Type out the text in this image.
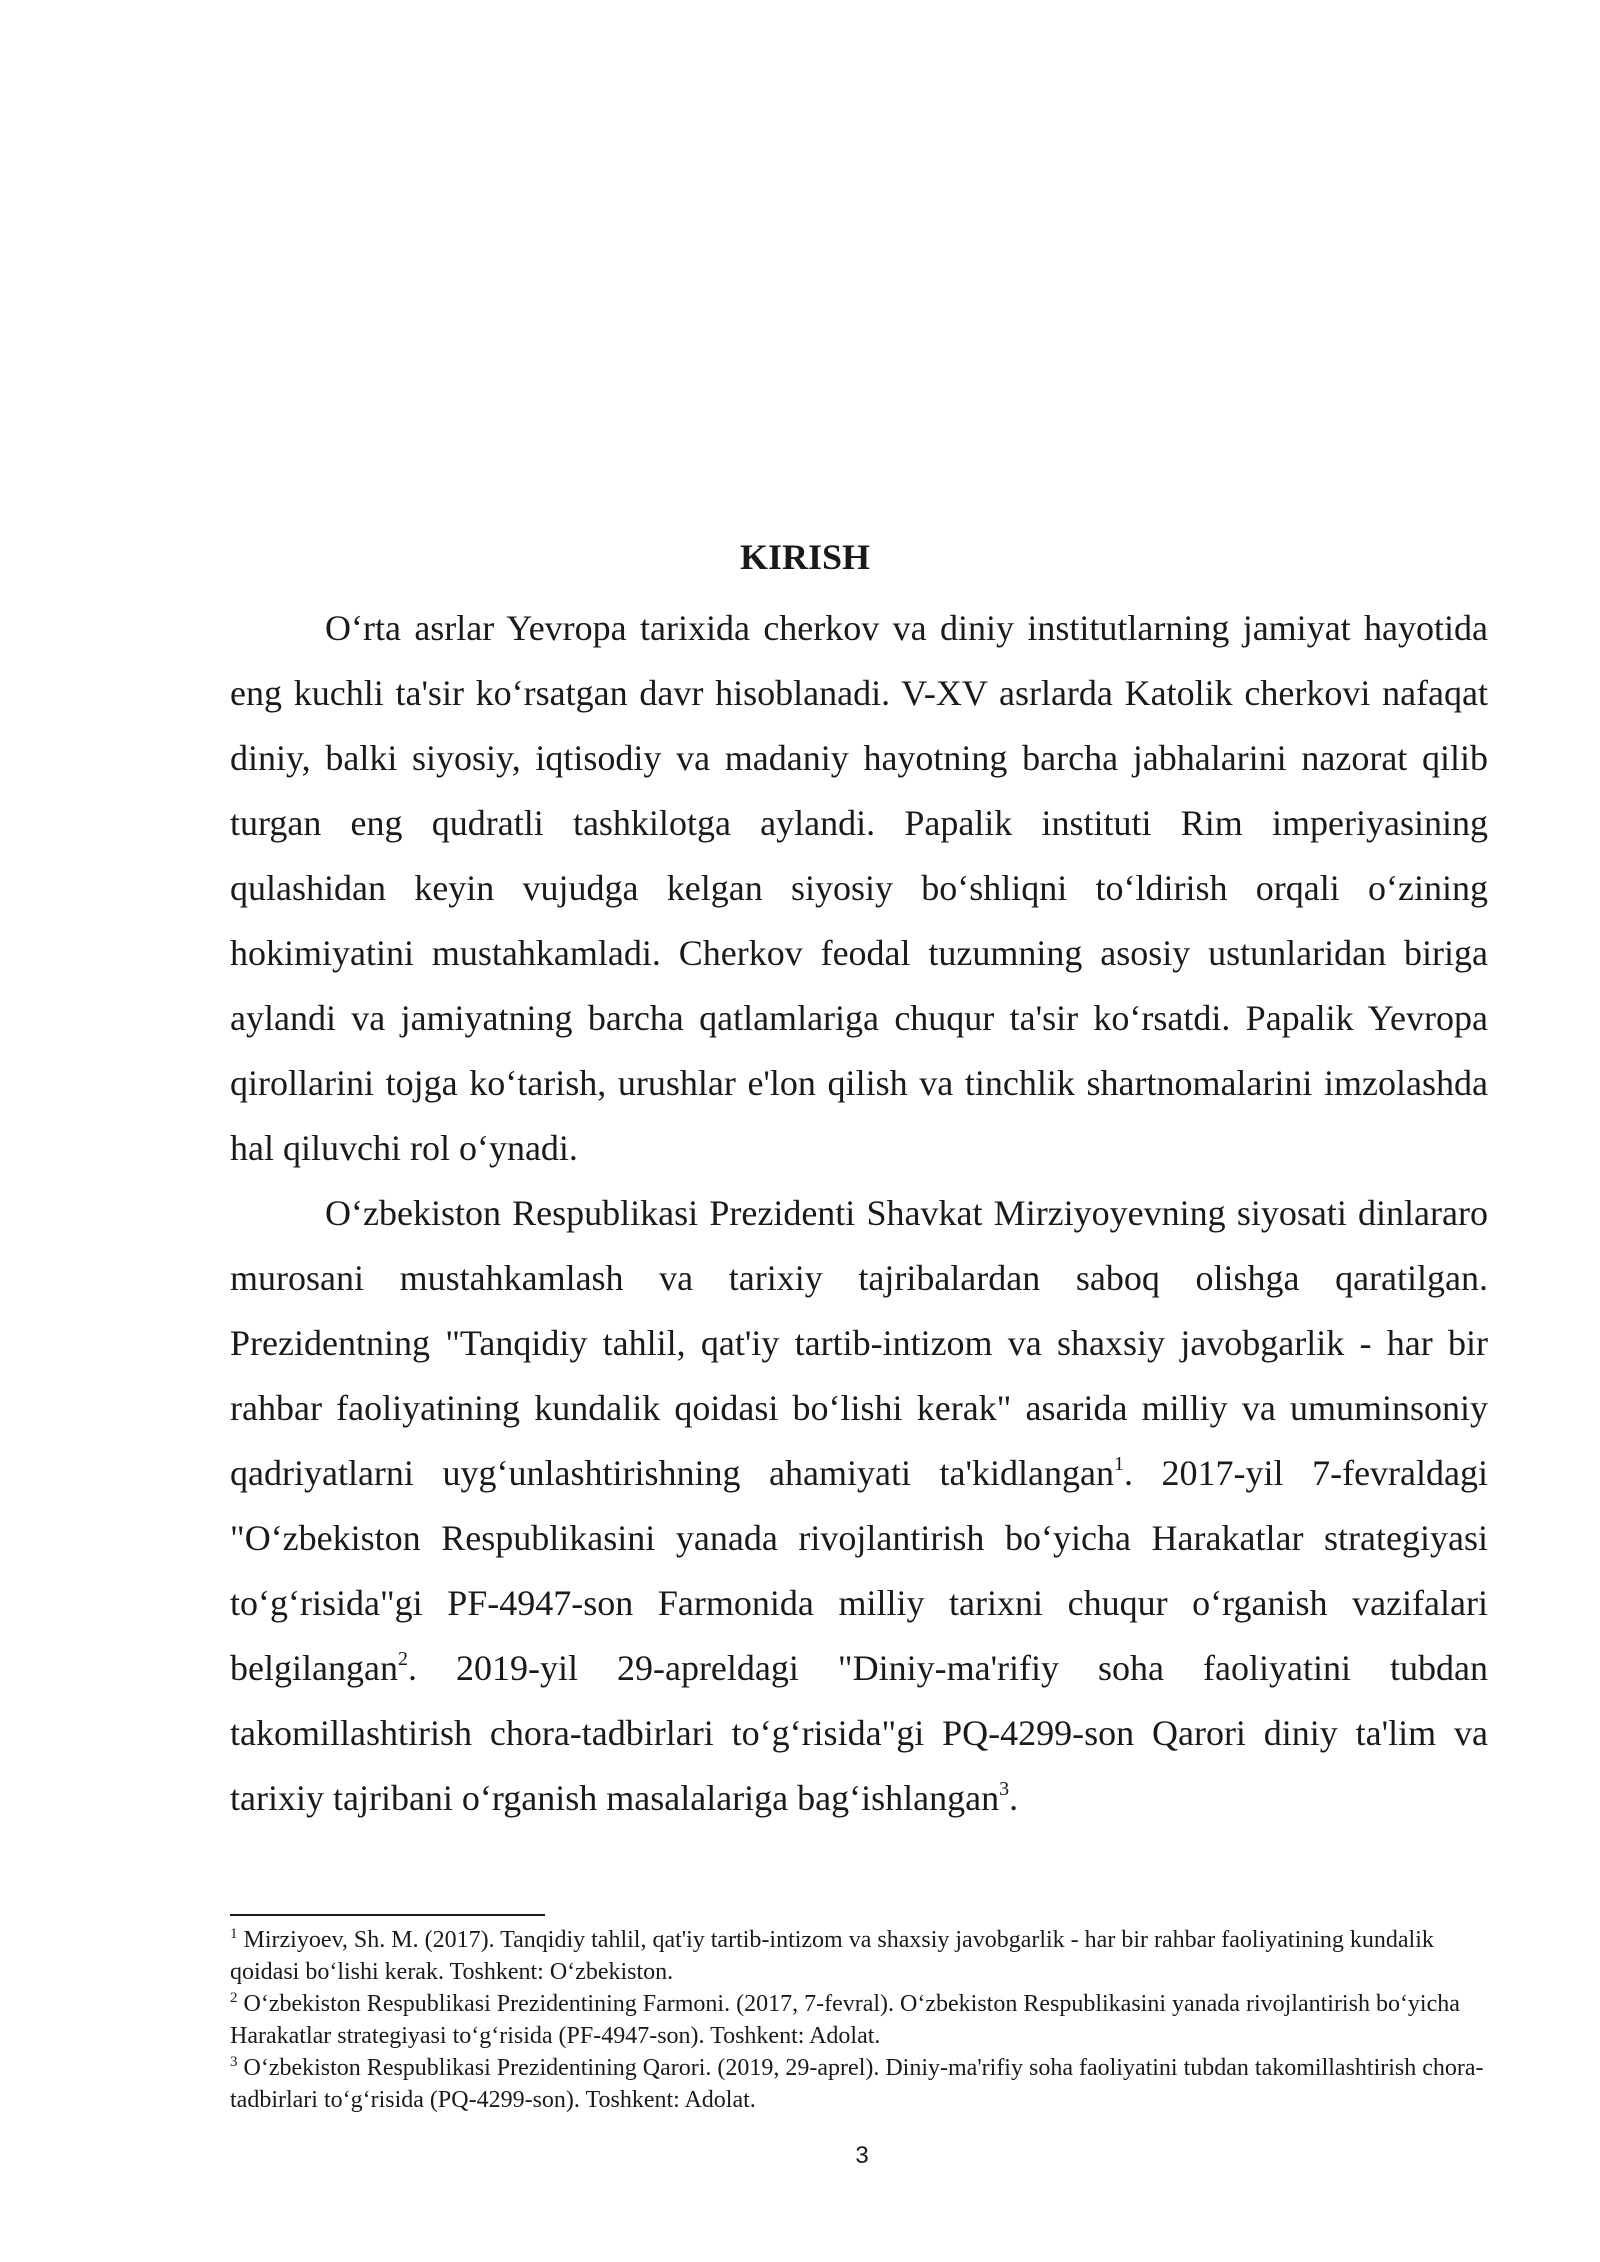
KIRISH

O‘rta asrlar Yevropa tarixida cherkov va diniy institutlarning jamiyat hayotida eng kuchli ta'sir ko‘rsatgan davr hisoblanadi. V-XV asrlarda Katolik cherkovi nafaqat diniy, balki siyosiy, iqtisodiy va madaniy hayotning barcha jabhalarini nazorat qilib turgan eng qudratli tashkilotga aylandi. Papalik instituti Rim imperiyasining qulashidan keyin vujudga kelgan siyosiy bo‘shliqni to‘ldirish orqali o‘zining hokimiyatini mustahkamladi. Cherkov feodal tuzumning asosiy ustunlaridan biriga aylandi va jamiyatning barcha qatlamlariga chuqur ta'sir ko‘rsatdi. Papalik Yevropa qirollarini tojga ko‘tarish, urushlar e'lon qilish va tinchlik shartnomalarini imzolashda hal qiluvchi rol o‘ynadi.

O‘zbekiston Respublikasi Prezidenti Shavkat Mirziyoyevning siyosati dinlararo murosani mustahkamlash va tarixiy tajribalardan saboq olishga qaratilgan. Prezidentning "Tanqidiy tahlil, qat'iy tartib-intizom va shaxsiy javobgarlik - har bir rahbar faoliyatining kundalik qoidasi bo‘lishi kerak" asarida milliy va umuminsoniy qadriyatlarni uyg‘unlashtirishning ahamiyati ta'kidlangan$^1$. 2017-yil 7-fevraldagi "O‘zbekiston Respublikasini yanada rivojlantirish bo‘yicha Harakatlar strategiyasi to‘g‘risida"gi PF-4947-son Farmonida milliy tarixni chuqur o‘rganish vazifalari belgilangan$^2$. 2019-yil 29-apreldagi "Diniy-ma'rifiy soha faoliyatini tubdan takomillashtirish chora-tadbirlari to‘g‘risida"gi PQ-4299-son Qarori diniy ta'lim va tarixiy tajribani o‘rganish masalalariga bag‘ishlangan$^3$.

$^1$ Mirziyoev, Sh. M. (2017). Tanqidiy tahlil, qat'iy tartib-intizom va shaxsiy javobgarlik - har bir rahbar faoliyatining kundalik qoidasi bo‘lishi kerak. Toshkent: O‘zbekiston.

$^2$ O‘zbekiston Respublikasi Prezidentining Farmoni. (2017, 7-fevral). O‘zbekiston Respublikasini yanada rivojlantirish bo‘yicha Harakatlar strategiyasi to‘g‘risida (PF-4947-son). Toshkent: Adolat.

$^3$ O‘zbekiston Respublikasi Prezidentining Qarori. (2019, 29-aprel). Diniy-ma'rifiy soha faoliyatini tubdan takomillashtirish chora-tadbirlari to‘g‘risida (PQ-4299-son). Toshkent: Adolat.

3
